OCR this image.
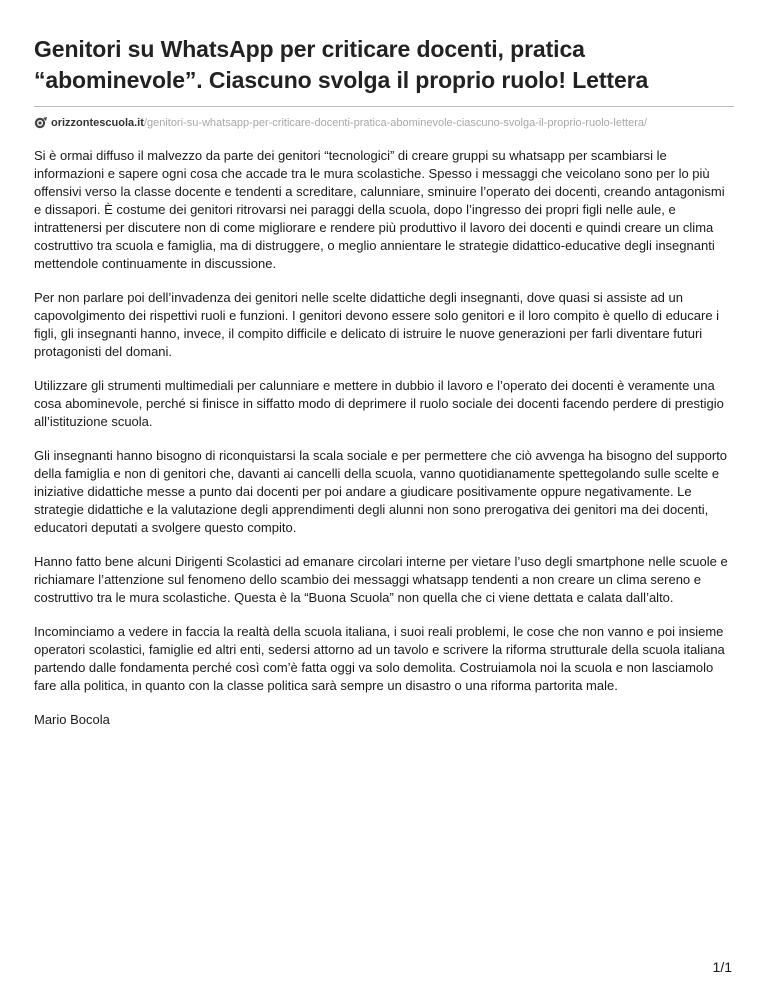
Genitori su WhatsApp per criticare docenti, pratica “abominevole”. Ciascuno svolga il proprio ruolo! Lettera
orizzontescuola.it /genitori-su-whatsapp-per-criticare-docenti-pratica-abominevole-ciascuno-svolga-il-proprio-ruolo-lettera/

Si è ormai diffuso il malvezzo da parte dei genitori “tecnologici” di creare gruppi su whatsapp per scambiarsi le informazioni e sapere ogni cosa che accade tra le mura scolastiche. Spesso i messaggi che veicolano sono per lo più offensivi verso la classe docente e tendenti a screditare, calunniare, sminuire l’operato dei docenti, creando antagonismi e dissapori. È costume dei genitori ritrovarsi nei paraggi della scuola, dopo l’ingresso dei propri figli nelle aule, e intrattenersi per discutere non di come migliorare e rendere più produttivo il lavoro dei docenti e quindi creare un clima costruttivo tra scuola e famiglia, ma di distruggere, o meglio annientare le strategie didattico-educative degli insegnanti mettendole continuamente in discussione.

Per non parlare poi dell’invadenza dei genitori nelle scelte didattiche degli insegnanti, dove quasi si assiste ad un capovolgimento dei rispettivi ruoli e funzioni. I genitori devono essere solo genitori e il loro compito è quello di educare i figli, gli insegnanti hanno, invece, il compito difficile e delicato di istruire le nuove generazioni per farli diventare futuri protagonisti del domani.

Utilizzare gli strumenti multimediali per calunniare e mettere in dubbio il lavoro e l’operato dei docenti è veramente una cosa abominevole, perché si finisce in siffatto modo di deprimere il ruolo sociale dei docenti facendo perdere di prestigio all’istituzione scuola.

Gli insegnanti hanno bisogno di riconquistarsi la scala sociale e per permettere che ciò avvenga ha bisogno del supporto della famiglia e non di genitori che, davanti ai cancelli della scuola, vanno quotidianamente spettegolando sulle scelte e iniziative didattiche messe a punto dai docenti per poi andare a giudicare positivamente oppure negativamente. Le strategie didattiche e la valutazione degli apprendimenti degli alunni non sono prerogativa dei genitori ma dei docenti, educatori deputati a svolgere questo compito.

Hanno fatto bene alcuni Dirigenti Scolastici ad emanare circolari interne per vietare l’uso degli smartphone nelle scuole e richiamare l’attenzione sul fenomeno dello scambio dei messaggi whatsapp tendenti a non creare un clima sereno e costruttivo tra le mura scolastiche. Questa è la “Buona Scuola” non quella che ci viene dettata e calata dall’alto.

Incominciamo a vedere in faccia la realtà della scuola italiana, i suoi reali problemi, le cose che non vanno e poi insieme operatori scolastici, famiglie ed altri enti, sedersi attorno ad un tavolo e scrivere la riforma strutturale della scuola italiana partendo dalle fondamenta perché così com’è fatta oggi va solo demolita. Costruiamola noi la scuola e non lasciamolo fare alla politica, in quanto con la classe politica sarà sempre un disastro o una riforma partorita male.

Mario Bocola
1/1
